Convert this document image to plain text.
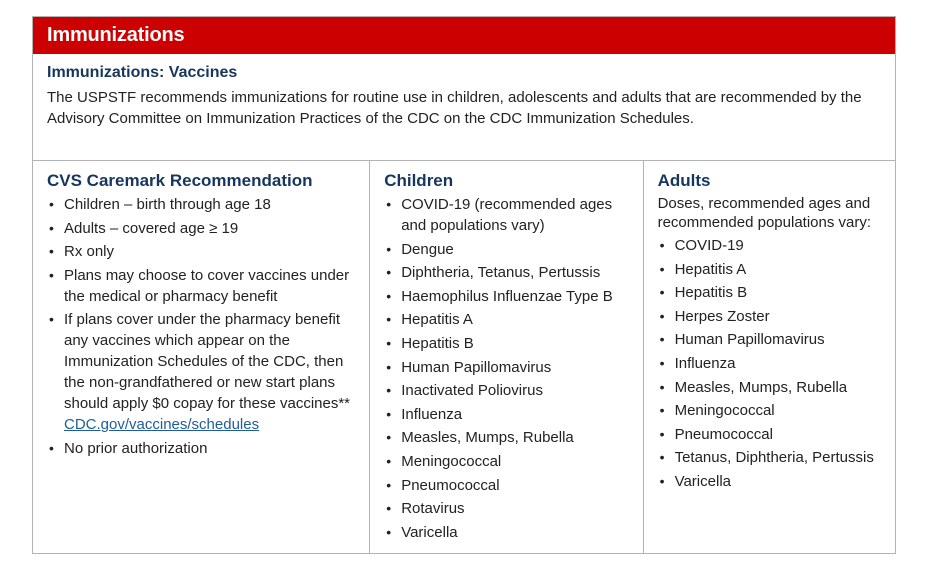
Immunizations
Immunizations: Vaccines
The USPSTF recommends immunizations for routine use in children, adolescents and adults that are recommended by the Advisory Committee on Immunization Practices of the CDC on the CDC Immunization Schedules.
CVS Caremark Recommendation
• Children – birth through age 18
• Adults – covered age ≥ 19
• Rx only
• Plans may choose to cover vaccines under the medical or pharmacy benefit
• If plans cover under the pharmacy benefit any vaccines which appear on the Immunization Schedules of the CDC, then the non-grandfathered or new start plans should apply $0 copay for these vaccines**
CDC.gov/vaccines/schedules
• No prior authorization
Children
• COVID-19 (recommended ages and populations vary)
• Dengue
• Diphtheria, Tetanus, Pertussis
• Haemophilus Influenzae Type B
• Hepatitis A
• Hepatitis B
• Human Papillomavirus
• Inactivated Poliovirus
• Influenza
• Measles, Mumps, Rubella
• Meningococcal
• Pneumococcal
• Rotavirus
• Varicella
Adults
Doses, recommended ages and recommended populations vary:
• COVID-19
• Hepatitis A
• Hepatitis B
• Herpes Zoster
• Human Papillomavirus
• Influenza
• Measles, Mumps, Rubella
• Meningococcal
• Pneumococcal
• Tetanus, Diphtheria, Pertussis
• Varicella
